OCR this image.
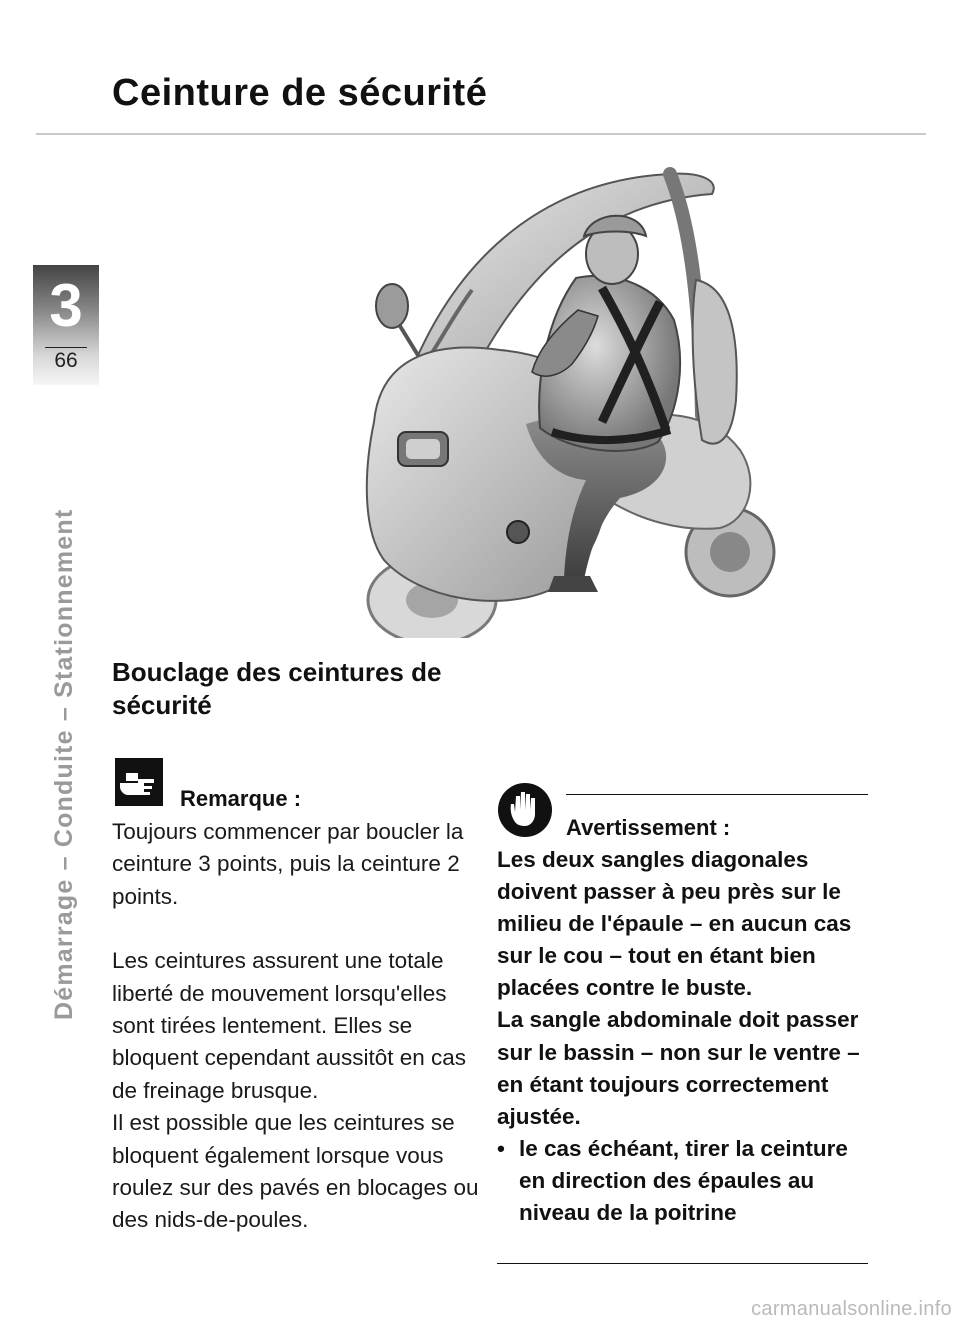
Ceinture de sécurité
3
66
Démarrage – Conduite – Stationnement Bouclage des ceintures de sécurité
Remarque :

Toujours commencer par boucler la ceinture 3 points, puis la ceinture 2 points.

Les ceintures assurent une totale liberté de mouvement lorsqu'elles sont tirées lentement. Elles se bloquent cependant aussitôt en cas de freinage brusque.

Il est possible que les ceintures se bloquent également lorsque vous roulez sur des pavés en blocages ou des nids-de-poules.

Avertissement :

Les deux sangles diagonales doivent passer à peu près sur le milieu de l'épaule – en aucun cas sur le cou – tout en étant bien placées contre le buste.

La sangle abdominale doit passer sur le bassin – non sur le ventre – en étant toujours correctement ajustée.

• le cas échéant, tirer la ceinture en direction des épaules au niveau de la poitrine
carmanualsonline.info
